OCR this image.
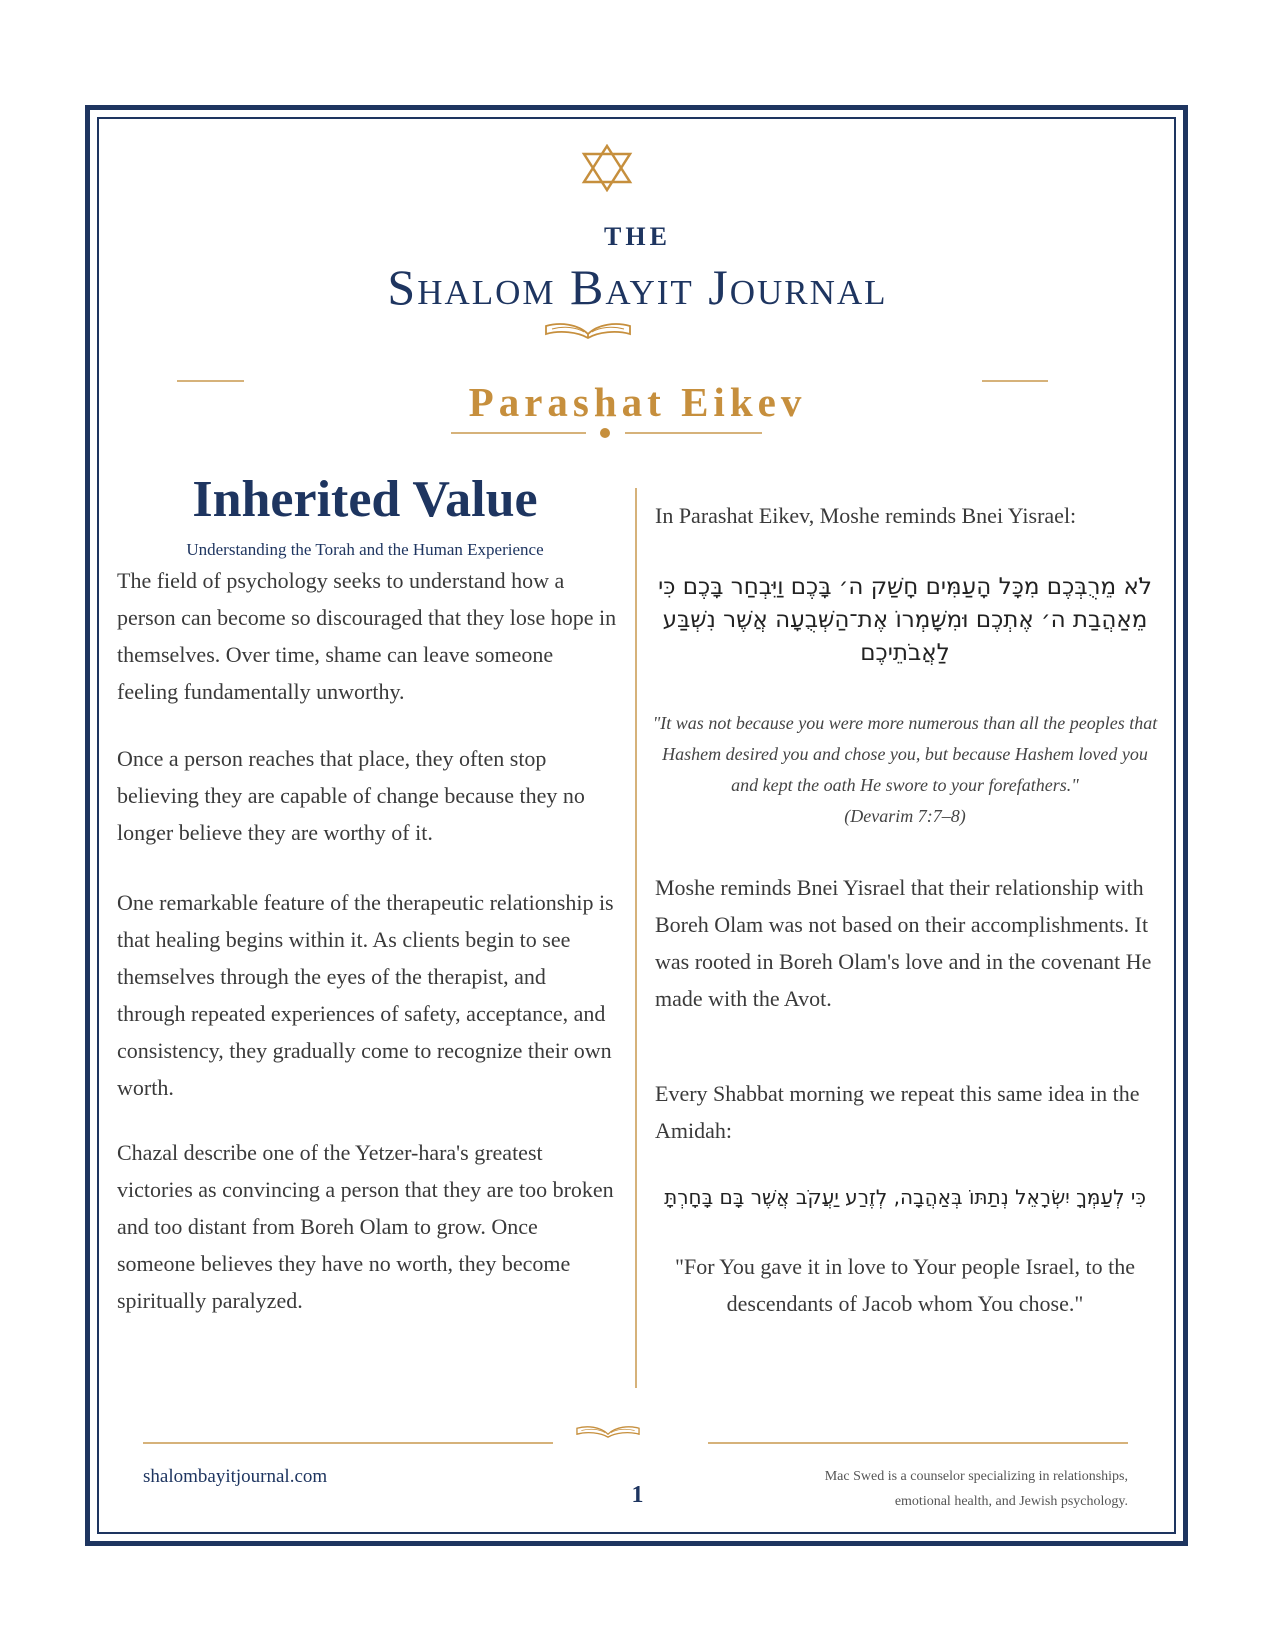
THE
Shalom Bayit Journal
Parashat Eikev
Inherited Value
Understanding the Torah and the Human Experience

The field of psychology seeks to understand how a person can become so discouraged that they lose hope in themselves. Over time, shame can leave someone feeling fundamentally unworthy.

Once a person reaches that place, they often stop believing they are capable of change because they no longer believe they are worthy of it.

One remarkable feature of the therapeutic relationship is that healing begins within it. As clients begin to see themselves through the eyes of the therapist, and through repeated experiences of safety, acceptance, and consistency, they gradually come to recognize their own worth.

Chazal describe one of the Yetzer-hara's greatest victories as convincing a person that they are too broken and too distant from Boreh Olam to grow. Once someone believes they have no worth, they become spiritually paralyzed.

In Parashat Eikev, Moshe reminds Bnei Yisrael:

לֹא מֵרֻבְּכֶם מִכָּל הָעַמִּים חָשַׁק ה׳ בָּכֶם וַיִּבְחַר בָּכֶם כִּי מֵאַהֲבַת ה׳ אֶתְכֶם וּמִשָּׁמְרוֹ אֶת־הַשְּׁבֻעָה אֲשֶׁר נִשְׁבַּע לַאֲבֹתֵיכֶם

"It was not because you were more numerous than all the peoples that Hashem desired you and chose you, but because Hashem loved you and kept the oath He swore to your forefathers."

(Devarim 7:7–8)

Moshe reminds Bnei Yisrael that their relationship with Boreh Olam was not based on their accomplishments. It was rooted in Boreh Olam's love and in the covenant He made with the Avot.

Every Shabbat morning we repeat this same idea in the Amidah:

כִּי לְעַמְּךָ יִשְׂרָאֵל נְתַתּוֹ בְּאַהֲבָה, לְזֶרַע יַעֲקֹב אֲשֶׁר בָּם בָּחָרְתָּ

"For You gave it in love to Your people Israel, to the descendants of Jacob whom You chose."

shalombayitjournal.com
1
Mac Swed is a counselor specializing in relationships,
emotional health, and Jewish psychology.
